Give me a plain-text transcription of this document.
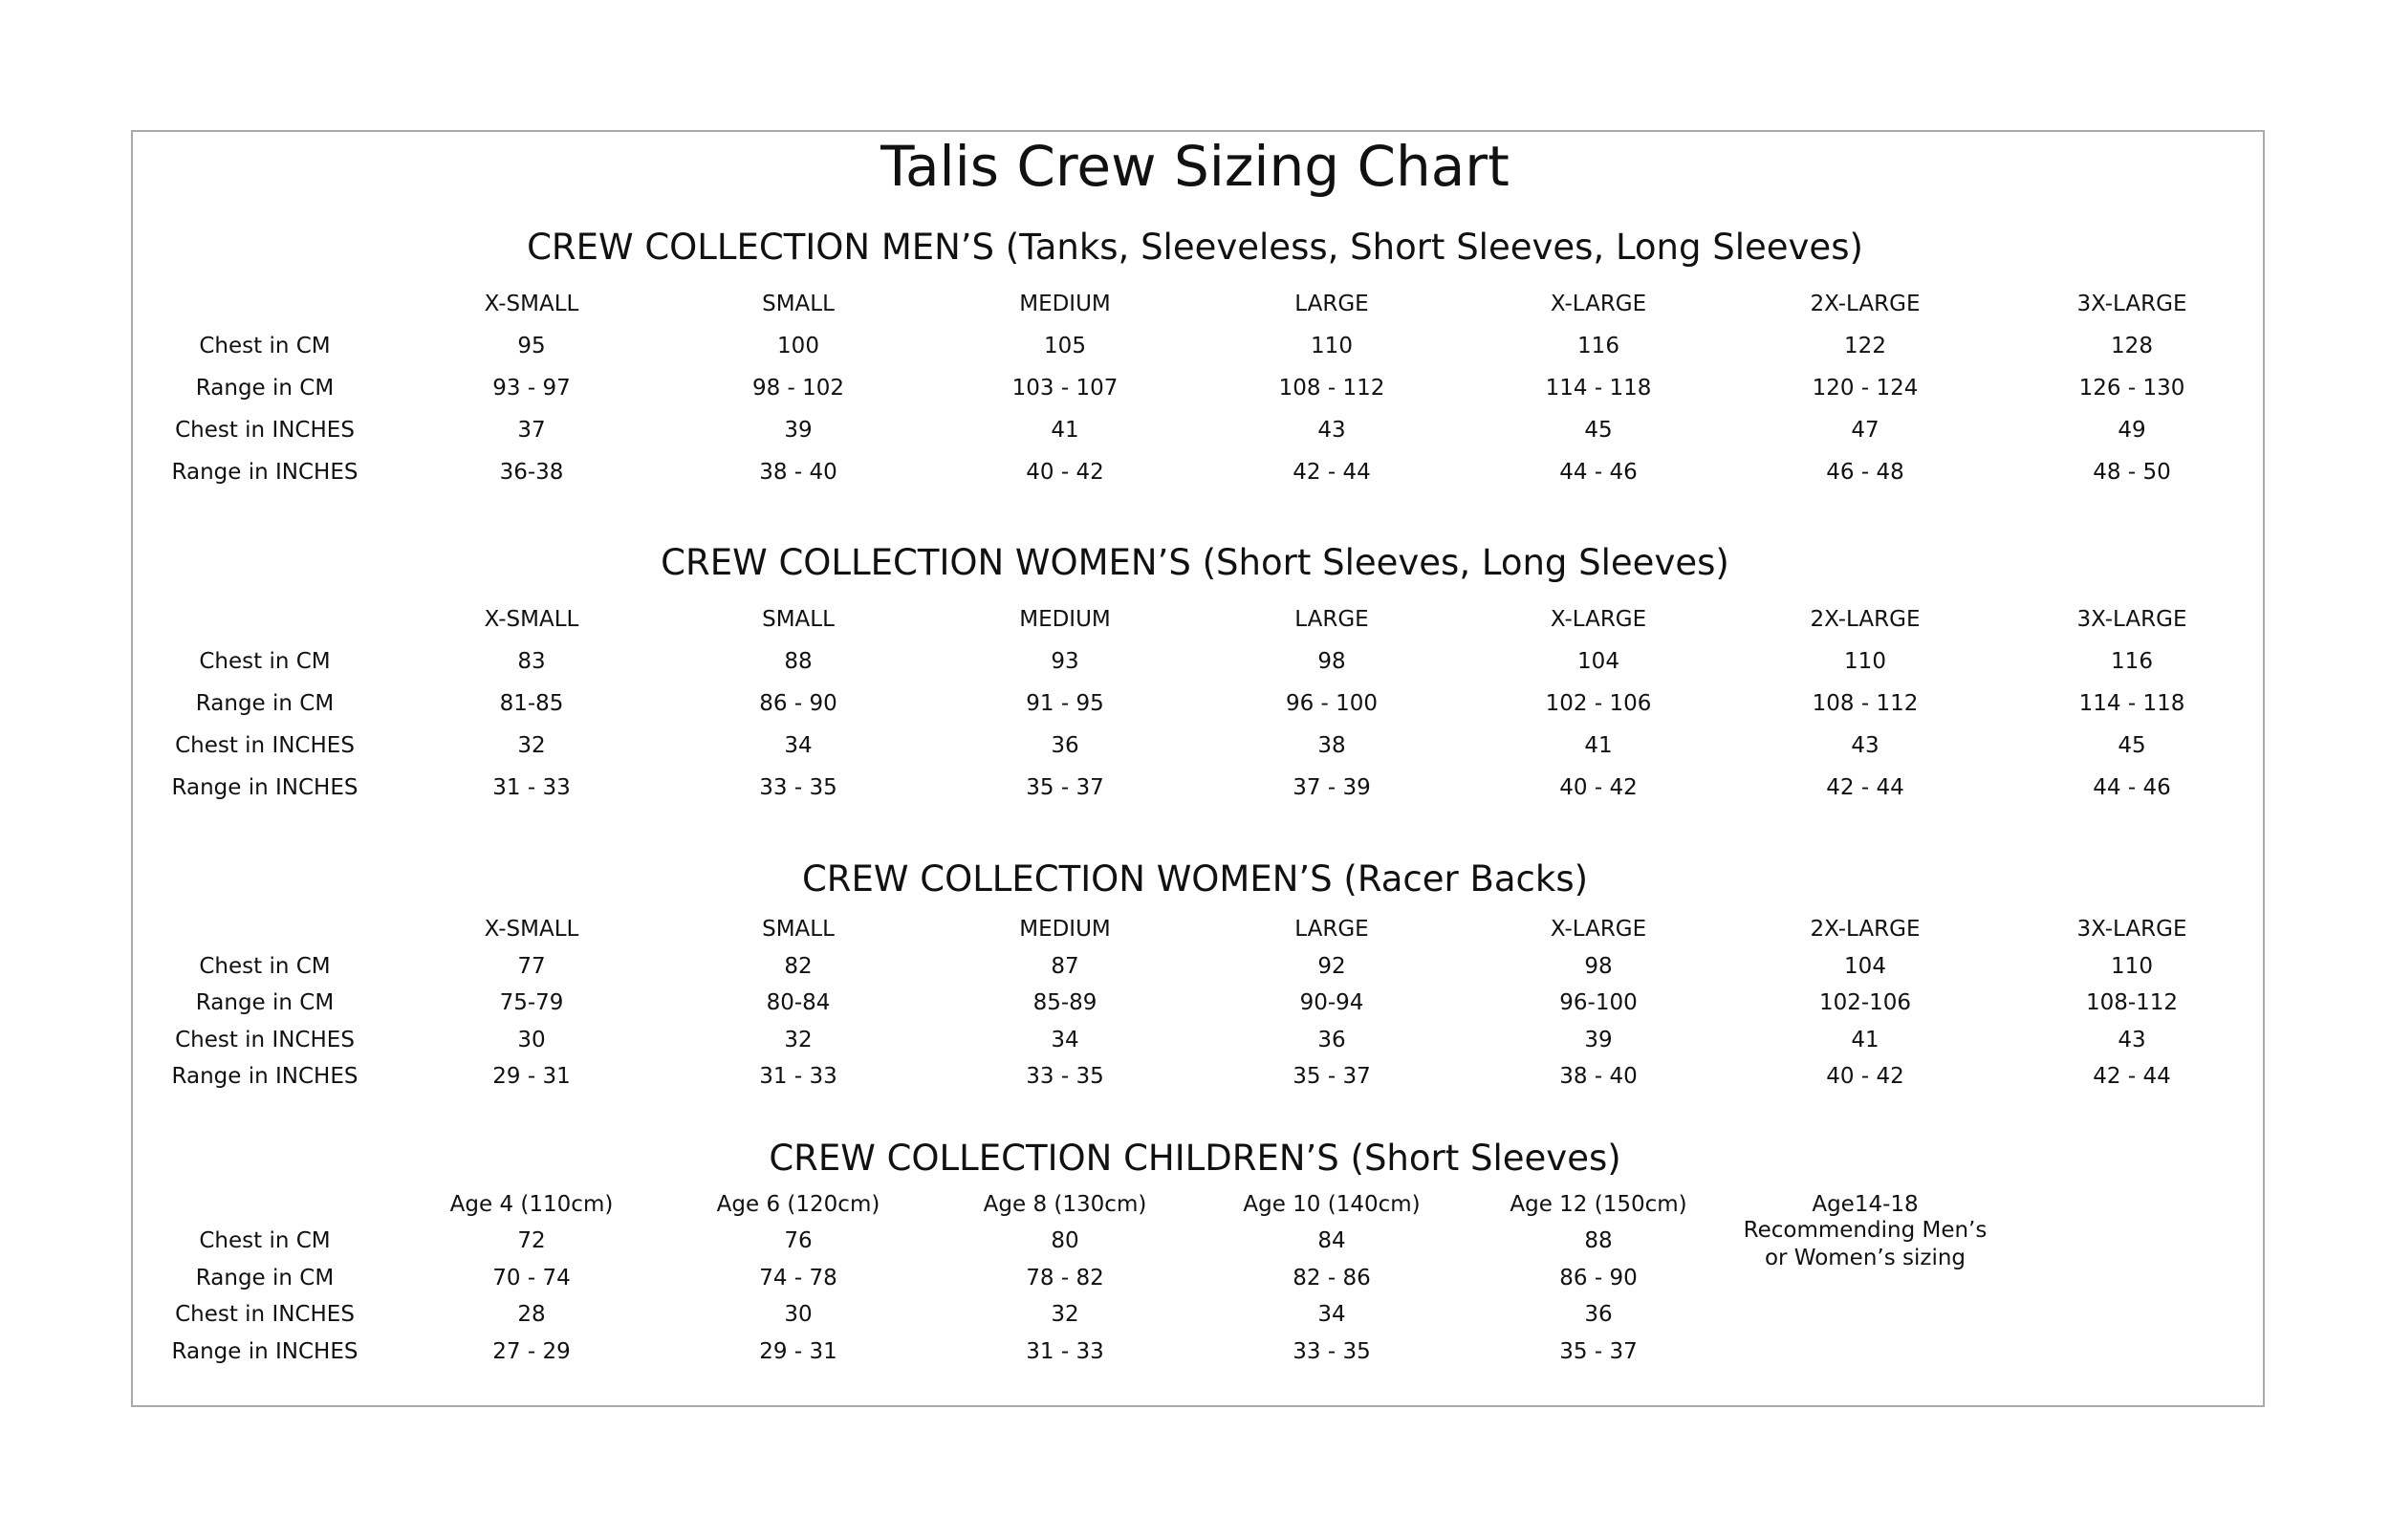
Talis Crew Sizing Chart
CREW COLLECTION MEN’S (Tanks, Sleeveless, Short Sleeves, Long Sleeves)
X-SMALL	SMALL	MEDIUM	LARGE	X-LARGE	2X-LARGE	3X-LARGE
Chest in CM	95	100	105	110	116	122	128
Range in CM	93 - 97	98 - 102	103 - 107	108 - 112	114 - 118	120 - 124	126 - 130
Chest in INCHES	37	39	41	43	45	47	49
Range in INCHES	36-38	38 - 40	40 - 42	42 - 44	44 - 46	46 - 48	48 - 50
CREW COLLECTION WOMEN’S (Short Sleeves, Long Sleeves)
X-SMALL	SMALL	MEDIUM	LARGE	X-LARGE	2X-LARGE	3X-LARGE
Chest in CM	83	88	93	98	104	110	116
Range in CM	81-85	86 - 90	91 - 95	96 - 100	102 - 106	108 - 112	114 - 118
Chest in INCHES	32	34	36	38	41	43	45
Range in INCHES	31 - 33	33 - 35	35 - 37	37 - 39	40 - 42	42 - 44	44 - 46
CREW COLLECTION WOMEN’S (Racer Backs)
X-SMALL	SMALL	MEDIUM	LARGE	X-LARGE	2X-LARGE	3X-LARGE
Chest in CM	77	82	87	92	98	104	110
Range in CM	75-79	80-84	85-89	90-94	96-100	102-106	108-112
Chest in INCHES	30	32	34	36	39	41	43
Range in INCHES	29 - 31	31 - 33	33 - 35	35 - 37	38 - 40	40 - 42	42 - 44
CREW COLLECTION CHILDREN’S (Short Sleeves)
Age 4 (110cm)	Age 6 (120cm)	Age 8 (130cm)	Age 10 (140cm)	Age 12 (150cm)	Age14-18
Recommending Men’s
or Women’s sizing
Chest in CM	72	76	80	84	88
Range in CM	70 - 74	74 - 78	78 - 82	82 - 86	86 - 90
Chest in INCHES	28	30	32	34	36
Range in INCHES	27 - 29	29 - 31	31 - 33	33 - 35	35 - 37
